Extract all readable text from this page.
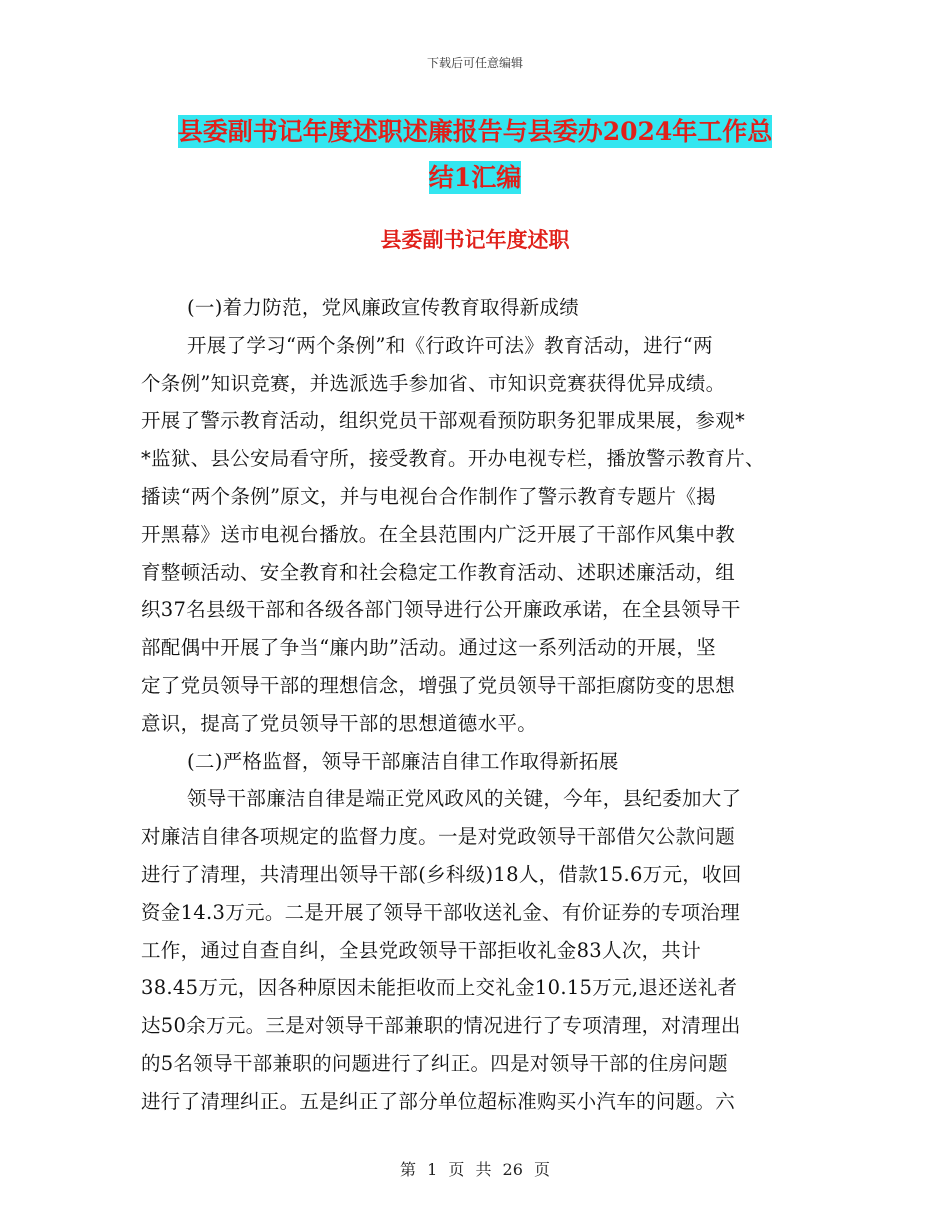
下载后可任意编辑
县委副书记年度述职述廉报告与县委办2024年工作总
结1汇编
县委副书记年度述职
(一)着力防范，党风廉政宣传教育取得新成绩
开展了学习“两个条例”和《行政许可法》教育活动，进行“两
个条例”知识竞赛，并选派选手参加省、市知识竞赛获得优异成绩。
开展了警示教育活动，组织党员干部观看预防职务犯罪成果展，参观*
*监狱、县公安局看守所，接受教育。开办电视专栏，播放警示教育片、
播读“两个条例”原文，并与电视台合作制作了警示教育专题片《揭
开黑幕》送市电视台播放。在全县范围内广泛开展了干部作风集中教
育整顿活动、安全教育和社会稳定工作教育活动、述职述廉活动，组
织37名县级干部和各级各部门领导进行公开廉政承诺，在全县领导干
部配偶中开展了争当“廉内助”活动。通过这一系列活动的开展，坚
定了党员领导干部的理想信念，增强了党员领导干部拒腐防变的思想
意识，提高了党员领导干部的思想道德水平。
(二)严格监督，领导干部廉洁自律工作取得新拓展
领导干部廉洁自律是端正党风政风的关键，今年，县纪委加大了
对廉洁自律各项规定的监督力度。一是对党政领导干部借欠公款问题
进行了清理，共清理出领导干部(乡科级)18人，借款15.6万元，收回
资金14.3万元。二是开展了领导干部收送礼金、有价证券的专项治理
工作，通过自查自纠，全县党政领导干部拒收礼金83人次，共计
38.45万元，因各种原因未能拒收而上交礼金10.15万元,退还送礼者
达50余万元。三是对领导干部兼职的情况进行了专项清理，对清理出
的5名领导干部兼职的问题进行了纠正。四是对领导干部的住房问题
进行了清理纠正。五是纠正了部分单位超标准购买小汽车的问题。六
第 1 页 共 26 页
